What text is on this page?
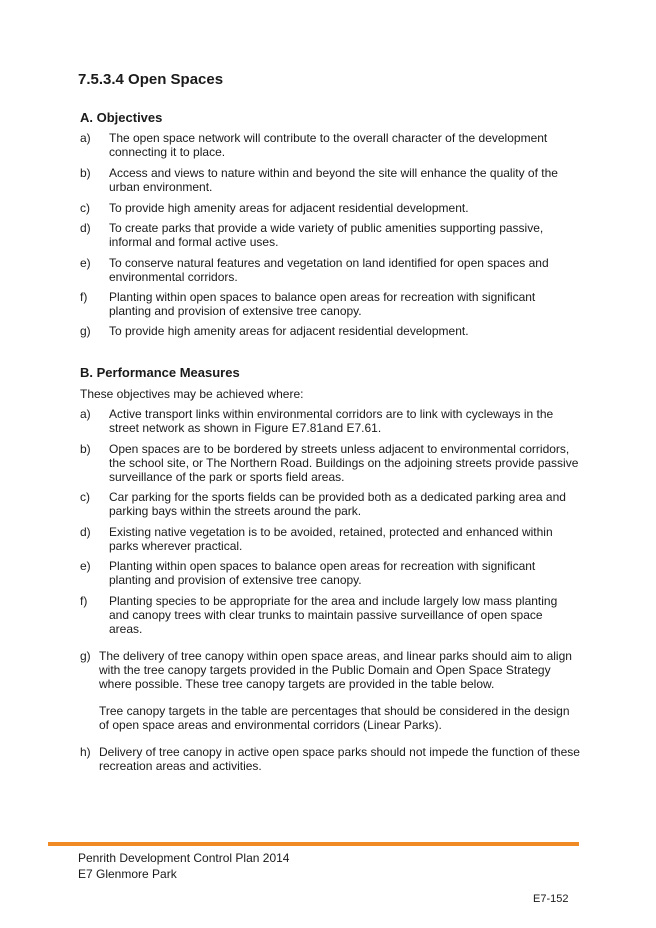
7.5.3.4 Open Spaces
A. Objectives
a) The open space network will contribute to the overall character of the development connecting it to place.
b) Access and views to nature within and beyond the site will enhance the quality of the urban environment.
c) To provide high amenity areas for adjacent residential development.
d) To create parks that provide a wide variety of public amenities supporting passive, informal and formal active uses.
e) To conserve natural features and vegetation on land identified for open spaces and environmental corridors.
f) Planting within open spaces to balance open areas for recreation with significant planting and provision of extensive tree canopy.
g) To provide high amenity areas for adjacent residential development.
B. Performance Measures

These objectives may be achieved where:

a) Active transport links within environmental corridors are to link with cycleways in the street network as shown in Figure E7.81and E7.61.
b) Open spaces are to be bordered by streets unless adjacent to environmental corridors, the school site, or The Northern Road. Buildings on the adjoining streets provide passive surveillance of the park or sports field areas.
c) Car parking for the sports fields can be provided both as a dedicated parking area and parking bays within the streets around the park.
d) Existing native vegetation is to be avoided, retained, protected and enhanced within parks wherever practical.
e) Planting within open spaces to balance open areas for recreation with significant planting and provision of extensive tree canopy.
f) Planting species to be appropriate for the area and include largely low mass planting and canopy trees with clear trunks to maintain passive surveillance of open space areas.
g) The delivery of tree canopy within open space areas, and linear parks should aim to align with the tree canopy targets provided in the Public Domain and Open Space Strategy where possible. These tree canopy targets are provided in the table below.

Tree canopy targets in the table are percentages that should be considered in the design of open space areas and environmental corridors (Linear Parks).

h) Delivery of tree canopy in active open space parks should not impede the function of these recreation areas and activities.
Penrith Development Control Plan 2014
E7 Glenmore Park
E7-152
